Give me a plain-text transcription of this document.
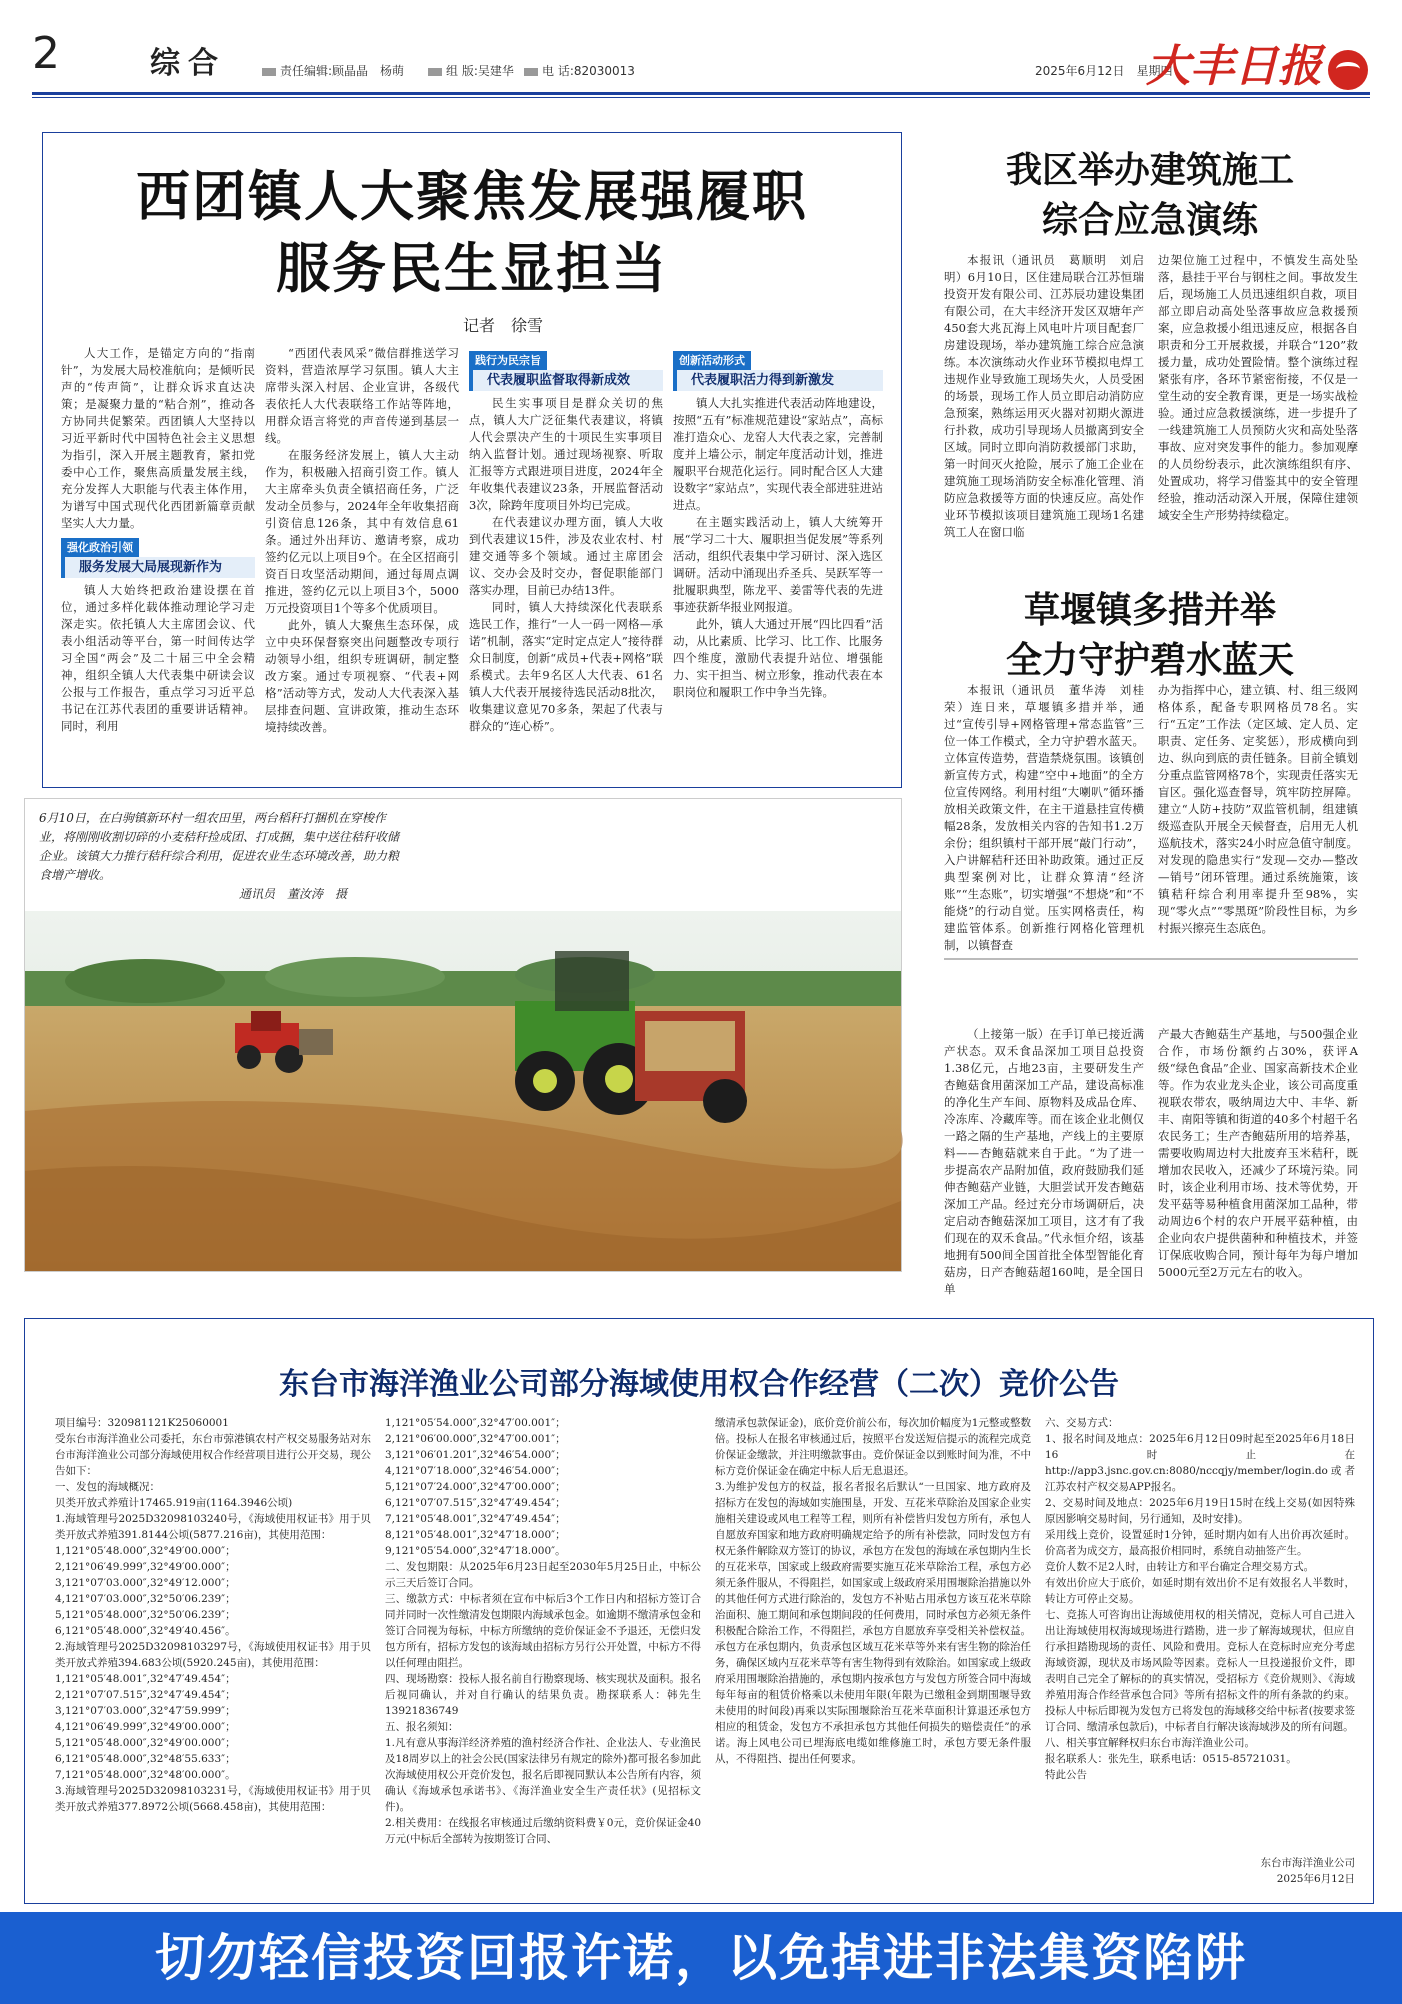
2	综合	责任编辑:顾晶晶　杨萌	组 版:吴建华	电 话:82030013	2025年6月12日　星期四
大丰日报
西团镇人大聚焦发展强履职
服务民生显担当
记者　徐雪

人大工作，是锚定方向的“指南针”，为发展大局校准航向；是倾听民声的“传声筒”，让群众诉求直达决策；是凝聚力量的“粘合剂”，推动各方协同共促繁荣。西团镇人大坚持以习近平新时代中国特色社会主义思想为指引，深入开展主题教育，紧扣党委中心工作，聚焦高质量发展主线，充分发挥人大职能与代表主体作用，为谱写中国式现代化西团新篇章贡献坚实人大力量。

强化政治引领
服务发展大局展现新作为

镇人大始终把政治建设摆在首位，通过多样化载体推动理论学习走深走实。依托镇人大主席团会议、代表小组活动等平台，第一时间传达学习全国“两会”及二十届三中全会精神，组织全镇人大代表集中研读会议公报与工作报告，重点学习习近平总书记在江苏代表团的重要讲话精神。同时，利用

“西团代表风采”微信群推送学习资料，营造浓厚学习氛围。镇人大主席带头深入村居、企业宣讲，各级代表依托人大代表联络工作站等阵地，用群众语言将党的声音传递到基层一线。

在服务经济发展上，镇人大主动作为，积极融入招商引资工作。镇人大主席牵头负责全镇招商任务，广泛发动全员参与，2024年全年收集招商引资信息126条，其中有效信息61条。通过外出拜访、邀请考察，成功签约亿元以上项目9个。在全区招商引资百日攻坚活动期间，通过每周点调推进，签约亿元以上项目3个，5000万元投资项目1个等多个优质项目。

此外，镇人大聚焦生态环保，成立中央环保督察突出问题整改专项行动领导小组，组织专班调研，制定整改方案。通过专项视察、“代表+网格”活动等方式，发动人大代表深入基层排查问题、宣讲政策，推动生态环境持续改善。

践行为民宗旨
代表履职监督取得新成效

民生实事项目是群众关切的焦点，镇人大广泛征集代表建议，将镇人代会票决产生的十项民生实事项目纳入监督计划。通过现场视察、听取汇报等方式跟进项目进度，2024年全年收集代表建议23条，开展监督活动3次，除跨年度项目外均已完成。

在代表建议办理方面，镇人大收到代表建议15件，涉及农业农村、村建交通等多个领域。通过主席团会议、交办会及时交办，督促职能部门落实办理，目前已办结13件。

同时，镇人大持续深化代表联系选民工作，推行“一人一码一网格—承诺”机制，落实“定时定点定人”接待群众日制度，创新“成员+代表+网格”联系模式。去年9名区人大代表、61名镇人大代表开展接待选民活动8批次，收集建议意见70多条，架起了代表与群众的“连心桥”。

创新活动形式
代表履职活力得到新激发

镇人大扎实推进代表活动阵地建设，按照“五有”标准规范建设“家站点”，高标准打造众心、龙窑人大代表之家，完善制度并上墙公示，制定年度活动计划，推进履职平台规范化运行。同时配合区人大建设数字“家站点”，实现代表全部进驻进站进点。

在主题实践活动上，镇人大统筹开展“学习二十大、履职担当促发展”等系列活动，组织代表集中学习研讨、深入选区调研。活动中涌现出乔圣兵、吴跃军等一批履职典型，陈龙平、姜雷等代表的先进事迹获新华报业网报道。

此外，镇人大通过开展“四比四看”活动，从比素质、比学习、比工作、比服务四个维度，激励代表提升站位、增强能力、实干担当、树立形象，推动代表在本职岗位和履职工作中争当先锋。

6月10日，在白驹镇新环村一组农田里，两台稻秆打捆机在穿梭作业，将刚刚收割切碎的小麦秸秆捡成团、打成捆，集中送往秸秆收储企业。该镇大力推行秸秆综合利用，促进农业生态环境改善，助力粮食增产增收。
通讯员　董汝涛　摄
我区举办建筑施工
综合应急演练

本报讯（通讯员　葛顺明　刘启明）6月10日，区住建局联合江苏恒瑞投资开发有限公司、江苏辰功建设集团有限公司，在大丰经济开发区双塘年产450套大兆瓦海上风电叶片项目配套厂房建设现场，举办建筑施工综合应急演练。本次演练动火作业环节模拟电焊工违规作业导致施工现场失火，人员受困的场景，现场工作人员立即启动消防应急预案，熟练运用灭火器对初期火源进行扑救，成功引导现场人员撤离到安全区域。同时立即向消防救援部门求助，第一时间灭火抢险，展示了施工企业在建筑施工现场消防安全标准化管理、消防应急救援等方面的快速反应。高处作业环节模拟该项目建筑施工现场1名建筑工人在窗口临

边架位施工过程中，不慎发生高处坠落，悬挂于平台与钢柱之间。事故发生后，现场施工人员迅速组织自救，项目部立即启动高处坠落事故应急救援预案，应急救援小组迅速反应，根据各自职责和分工开展救援，并联合“120”救援力量，成功处置险情。整个演练过程紧张有序，各环节紧密衔接，不仅是一堂生动的安全教育课，更是一场实战检验。通过应急救援演练，进一步提升了一线建筑施工人员预防火灾和高处坠落事故、应对突发事件的能力。参加观摩的人员纷纷表示，此次演练组织有序、处置成功，将学习借鉴其中的安全管理经验，推动活动深入开展，保障住建领域安全生产形势持续稳定。

草堰镇多措并举
全力守护碧水蓝天

本报讯（通讯员　董华涛　刘桂荣）连日来，草堰镇多措并举，通过“宣传引导+网格管理+常态监管”三位一体工作模式，全力守护碧水蓝天。立体宣传造势，营造禁烧氛围。该镇创新宣传方式，构建“空中+地面”的全方位宣传网络。利用村组“大喇叭”循环播放相关政策文件，在主干道悬挂宣传横幅28条，发放相关内容的告知书1.2万余份；组织镇村干部开展“敲门行动”，入户讲解秸秆还田补助政策。通过正反典型案例对比，让群众算清“经济账”“生态账”，切实增强“不想烧”和“不能烧”的行动自觉。压实网格责任，构建监管体系。创新推行网格化管理机制，以镇督查

办为指挥中心，建立镇、村、组三级网格体系，配备专职网格员78名。实行“五定”工作法（定区域、定人员、定职责、定任务、定奖惩），形成横向到边、纵向到底的责任链条。目前全镇划分重点监管网格78个，实现责任落实无盲区。强化巡查督导，筑牢防控屏障。建立“人防+技防”双监管机制，组建镇级巡查队开展全天候督查，启用无人机巡航技术，落实24小时应急值守制度。对发现的隐患实行“发现—交办—整改—销号”闭环管理。通过系统施策，该镇秸秆综合利用率提升至98%，实现“零火点”“零黑斑”阶段性目标，为乡村振兴擦亮生态底色。

（上接第一版）在手订单已接近满产状态。双禾食品深加工项目总投资1.38亿元，占地23亩，主要研发生产杏鲍菇食用菌深加工产品，建设高标准的净化生产车间、原物料及成品仓库、冷冻库、冷藏库等。而在该企业北侧仅一路之隔的生产基地，产线上的主要原料——杏鲍菇就来自于此。“为了进一步提高农产品附加值，政府鼓励我们延伸杏鲍菇产业链，大胆尝试开发杏鲍菇深加工产品。经过充分市场调研后，决定启动杏鲍菇深加工项目，这才有了我们现在的双禾食品。”代永恒介绍，该基地拥有500间全国首批全体型智能化育菇房，日产杏鲍菇超160吨，是全国日单

产最大杏鲍菇生产基地，与500强企业合作，市场份额约占30%，获评A级“绿色食品”企业、国家高新技术企业等。作为农业龙头企业，该公司高度重视联农带农，吸纳周边大中、丰华、新丰、南阳等镇和街道的40多个村超千名农民务工；生产杏鲍菇所用的培养基，需要收购周边村大批废弃玉米秸秆，既增加农民收入，还减少了环境污染。同时，该企业利用市场、技术等优势，开发平菇等易种植食用菌深加工品种，带动周边6个村的农户开展平菇种植，由企业向农户提供菌种和种植技术，并签订保底收购合同，预计每年为每户增加5000元至2万元左右的收入。

东台市海洋渔业公司部分海域使用权合作经营（二次）竞价公告
项目编号：320981121K25060001
受东台市海洋渔业公司委托，东台市弶港镇农村产权交易服务站对东台市海洋渔业公司部分海域使用权合作经营项目进行公开交易，现公告如下：
一、发包的海域概况：
贝类开放式养殖计17465.919亩(1164.3946公顷)
1.海域管理号2025D32098103240号，《海域使用权证书》用于贝类开放式养殖391.8144公顷(5877.216亩)，其使用范围：
1,121°05′48.000″,32°49′00.000″；
2,121°06′49.999″,32°49′00.000″；
3,121°07′03.000″,32°49′12.000″；
4,121°07′03.000″,32°50′06.239″；
5,121°05′48.000″,32°50′06.239″；
6,121°05′48.000″,32°49′40.456″。
2.海域管理号2025D32098103297号，《海域使用权证书》用于贝类开放式养殖394.683公顷(5920.245亩)，其使用范围：
1,121°05′48.001″,32°47′49.454″；
2,121°07′07.515″,32°47′49.454″；
3,121°07′03.000″,32°47′59.999″；
4,121°06′49.999″,32°49′00.000″；
5,121°05′48.000″,32°49′00.000″；
6,121°05′48.000″,32°48′55.633″；
7,121°05′48.000″,32°48′00.000″。
3.海域管理号2025D32098103231号，《海域使用权证书》用于贝类开放式养殖377.8972公顷(5668.458亩)，其使用范围：
1,121°05′54.000″,32°47′00.001″；
2,121°06′00.000″,32°47′00.001″；
3,121°06′01.201″,32°46′54.000″；
4,121°07′18.000″,32°46′54.000″；
5,121°07′24.000″,32°47′00.000″；
6,121°07′07.515″,32°47′49.454″；
7,121°05′48.001″,32°47′49.454″；
8,121°05′48.001″,32°47′18.000″；
9,121°05′54.000″,32°47′18.000″。
二、发包期限：从2025年6月23日起至2030年5月25日止，中标公示三天后签订合同。
三、缴款方式：中标者须在宣布中标后3个工作日内和招标方签订合同并同时一次性缴清发包期限内海域承包金。如逾期不缴清承包金和签订合同视为每标，中标方所缴纳的竞价保证金不予退还，无偿归发包方所有，招标方发包的该海域由招标方另行公开处置，中标方不得以任何理由阻拦。
四、现场勘察：投标人报名前自行勘察现场、核实现状及面积。报名后视同确认，并对自行确认的结果负责。勘探联系人：韩先生13921836749
五、报名须知：
1.凡有意从事海洋经济养殖的渔村经济合作社、企业法人、专业渔民及18周岁以上的社会公民(国家法律另有规定的除外)都可报名参加此次海域使用权公开竞价发包，报名后即视同默认本公告所有内容，须确认《海域承包承诺书》、《海洋渔业安全生产责任状》(见招标文件)。
2.相关费用：在线报名审核通过后缴纳资料费￥0元，竞价保证金40万元(中标后全部转为按期签订合同、
缴清承包款保证金)，底价竞价前公布，每次加价幅度为1元整或整数倍。投标人在报名审核通过后，按照平台发送短信提示的流程完成竞价保证金缴款，并注明缴款事由。竞价保证金以到账时间为准，不中标方竞价保证金在确定中标人后无息退还。
3.为维护发包方的权益，报名者报名后默认“一旦国家、地方政府及招标方在发包的海域如实施围垦，开发、互花米草除治及国家企业实施相关建设或风电工程等工程，则所有补偿皆归发包方所有，承包人自愿放弃国家和地方政府明确规定给予的所有补偿款，同时发包方有权无条件解除双方签订的协议，承包方在发包的海域在承包期内生长的互花米草，国家或上级政府需要实施互花米草除治工程，承包方必须无条件服从，不得阻拦，如国家或上级政府采用围堰除治措施以外的其他任何方式进行除治的，发包方不补贴占用承包方该互花米草除治面积、施工期间和承包期间段的任何费用，同时承包方必须无条件积极配合除治工作，不得阻拦，承包方自愿放弃享受相关补偿权益。承包方在承包期内，负责承包区域互花米草等外来有害生物的除治任务，确保区域内互花米草等有害生物得到有效除治。如国家或上级政府采用围堰除治措施的，承包期内按承包方与发包方所签合同中海域每年每亩的租赁价格乘以未使用年限(年限为已缴租金到期围堰导致未使用的时间段)再乘以实际围堰除治互花米草面积计算退还承包方相应的租赁金，发包方不承担承包方其他任何损失的赔偿责任”的承诺。海上风电公司已埋海底电缆如维修施工时，承包方要无条件服从，不得阻挡、提出任何要求。
六、交易方式：
1、报名时间及地点：2025年6月12日09时起至2025年6月18日16时止在http://app3.jsnc.gov.cn:8080/nccqjy/member/login.do或者江苏农村产权交易APP报名。
2、交易时间及地点：2025年6月19日15时在线上交易(如因特殊原因影响交易时间，另行通知，及时安排)。
采用线上竞价，设置延时1分钟，延时期内如有人出价再次延时。价高者为成交方，最高报价相同时，系统自动抽签产生。
竞价人数不足2人时，由转让方和平台确定合理交易方式。
有效出价应大于底价，如延时期有效出价不足有效报名人半数时，转让方可停止交易。
七、竞拣人可咨询出让海域使用权的相关情况，竞标人可自己进入出让海域使用权海域现场进行踏勘，进一步了解海域现状，但应自行承担踏勘现场的责任、风险和费用。竞标人在竞标时应充分考虑海域资源，现状及市场风险等因素。竞标人一旦投递报价文件，即表明自己完全了解标的的真实情况，受招标方《竞价规则》、《海域养殖用海合作经营承包合同》等所有招标文件的所有条款的约束。投标人中标后即视为发包方已将发包的海域移交给中标者(按要求签订合同、缴清承包款后)，中标者自行解决该海域涉及的所有问题。
八、相关事宜解释权归东台市海洋渔业公司。
报名联系人：张先生，联系电话：0515-85721031。
特此公告
东台市海洋渔业公司
2025年6月12日
切勿轻信投资回报许诺，以免掉进非法集资陷阱
